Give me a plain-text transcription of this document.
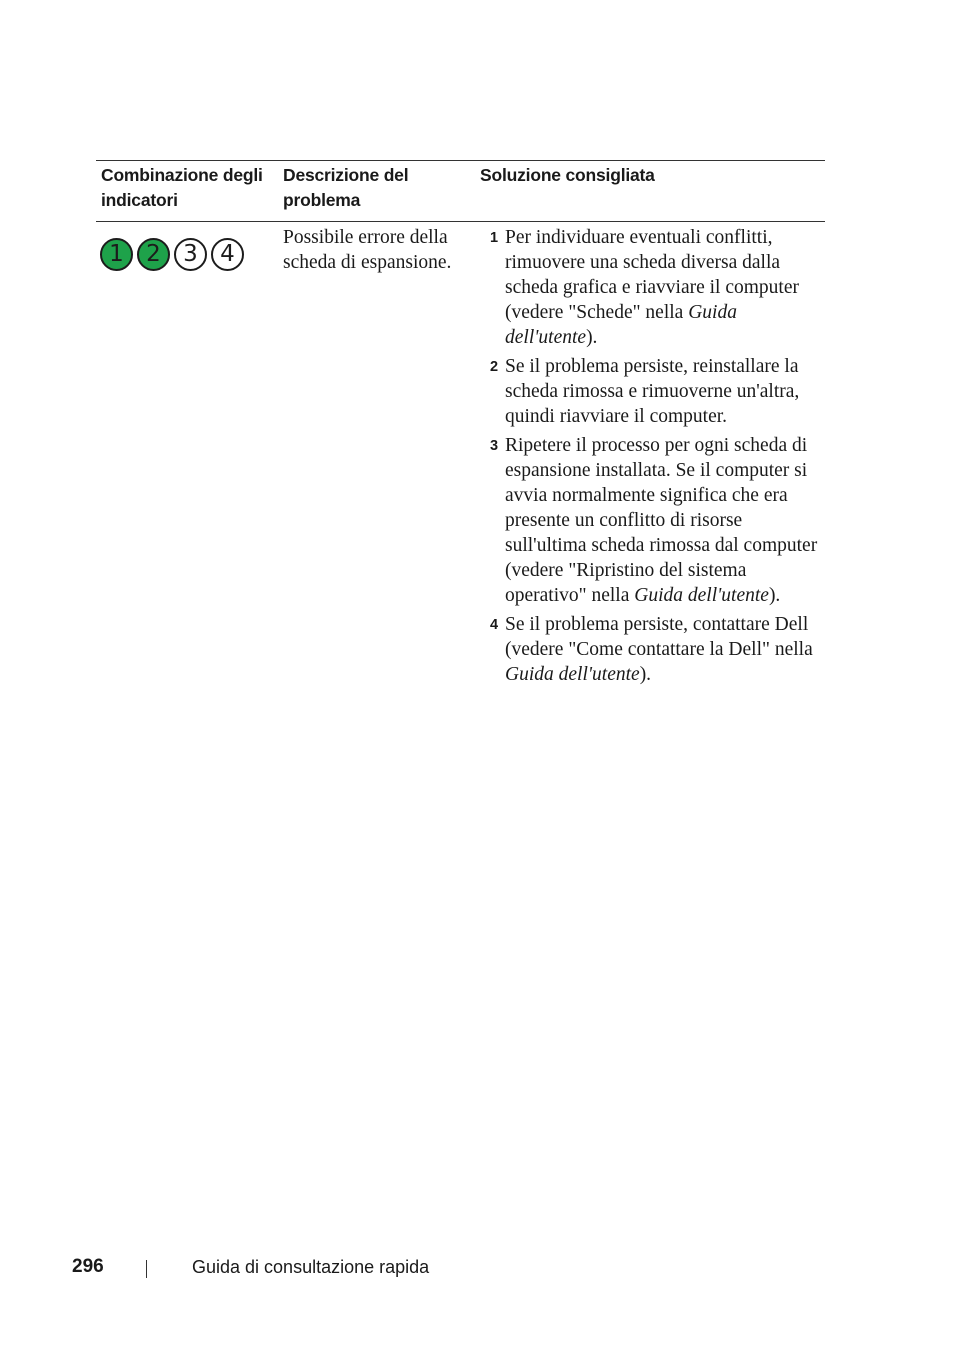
Combinazione degli indicatori
Descrizione del problema
Soluzione consigliata
1 2 3 4
Possibile errore della scheda di espansione.
1 Per individuare eventuali conflitti, rimuovere una scheda diversa dalla scheda grafica e riavviare il computer (vedere "Schede" nella Guida dell'utente).
2 Se il problema persiste, reinstallare la scheda rimossa e rimuoverne un'altra, quindi riavviare il computer.
3 Ripetere il processo per ogni scheda di espansione installata. Se il computer si avvia normalmente significa che era presente un conflitto di risorse sull'ultima scheda rimossa dal computer (vedere "Ripristino del sistema operativo" nella Guida dell'utente).
4 Se il problema persiste, contattare Dell (vedere "Come contattare la Dell" nella Guida dell'utente).
296	Guida di consultazione rapida
